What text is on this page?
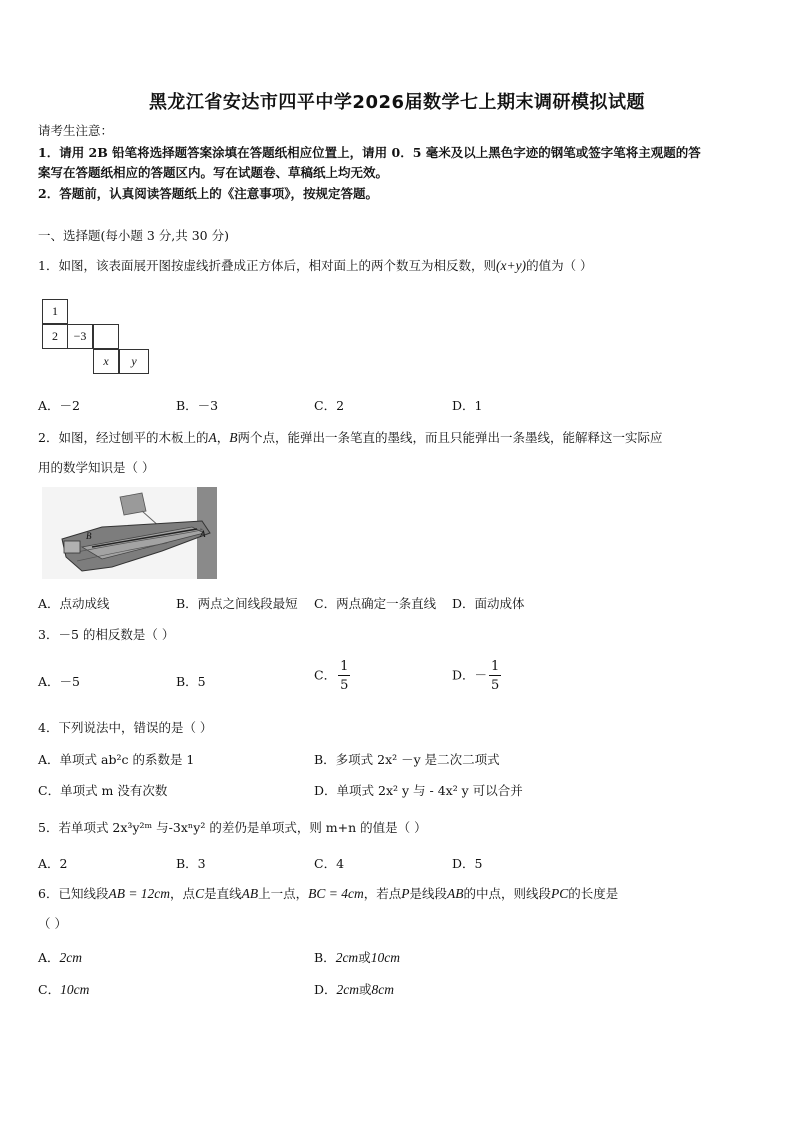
黑龙江省安达市四平中学2026届数学七上期末调研模拟试题
请考生注意：
1．请用 2B 铅笔将选择题答案涂填在答题纸相应位置上，请用 0．5 毫米及以上黑色字迹的钢笔或签字笔将主观题的答
案写在答题纸相应的答题区内。写在试题卷、草稿纸上均无效。
2．答题前，认真阅读答题纸上的《注意事项》，按规定答题。
一、选择题(每小题 3 分,共 30 分)
1．如图，该表面展开图按虚线折叠成正方体后，相对面上的两个数互为相反数，则(x+y)的值为（ ）
1
2	−3
x	y
A．－2	B．－3	C．2	D．1
2．如图，经过刨平的木板上的A，B两个点，能弹出一条笔直的墨线，而且只能弹出一条墨线，能解释这一实际应
用的数学知识是（ ）
B	A
A．点动成线	B．两点之间线段最短 C．两点确定一条直线 D．面动成体
3．－5 的相反数是（ ）
A．－5	B．5	C． $\frac{1}{5}$	D．－ $\frac{1}{5}$
4．下列说法中，错误的是（ ）
A．单项式 ab²c 的系数是 1	B．多项式 2x² －y 是二次二项式
C．单项式 m 没有次数	D．单项式 2x² y 与 - 4x² y 可以合并
5．若单项式 2x³y²ᵐ 与-3xⁿy² 的差仍是单项式，则 m+n 的值是（ ）
A．2	B．3	C．4	D．5
6．已知线段AB = 12cm，点C是直线AB上一点，BC = 4cm，若点P是线段AB的中点，则线段PC的长度是
（ ）
A．2cm	B．2cm或10cm
C．10cm	D．2cm或8cm
